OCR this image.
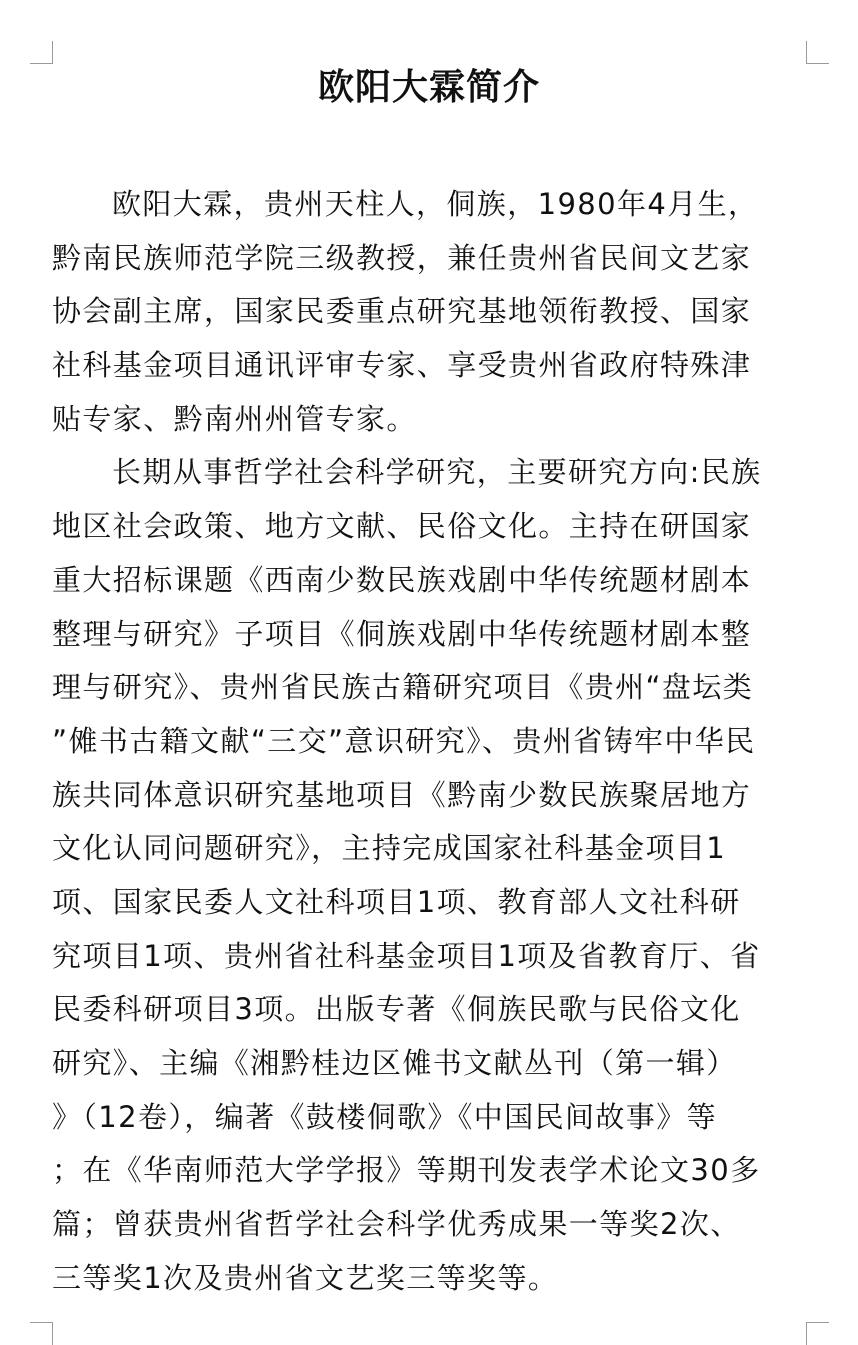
欧阳大霖简介
欧阳大霖，贵州天柱人，侗族，1980年4月生，
黔南民族师范学院三级教授，兼任贵州省民间文艺家
协会副主席，国家民委重点研究基地领衔教授、国家
社科基金项目通讯评审专家、享受贵州省政府特殊津
贴专家、黔南州州管专家。
长期从事哲学社会科学研究，主要研究方向:民族
地区社会政策、地方文献、民俗文化。主持在研国家
重大招标课题《西南少数民族戏剧中华传统题材剧本
整理与研究》子项目《侗族戏剧中华传统题材剧本整
理与研究》、贵州省民族古籍研究项目《贵州“盘坛类
”傩书古籍文献“三交”意识研究》、贵州省铸牢中华民
族共同体意识研究基地项目《黔南少数民族聚居地方
文化认同问题研究》，主持完成国家社科基金项目1
项、国家民委人文社科项目1项、教育部人文社科研
究项目1项、贵州省社科基金项目1项及省教育厅、省
民委科研项目3项。出版专著《侗族民歌与民俗文化
研究》、主编《湘黔桂边区傩书文献丛刊（第一辑）
》（12卷），编著《鼓楼侗歌》《中国民间故事》等
；在《华南师范大学学报》等期刊发表学术论文30多
篇；曾获贵州省哲学社会科学优秀成果一等奖2次、
三等奖1次及贵州省文艺奖三等奖等。
